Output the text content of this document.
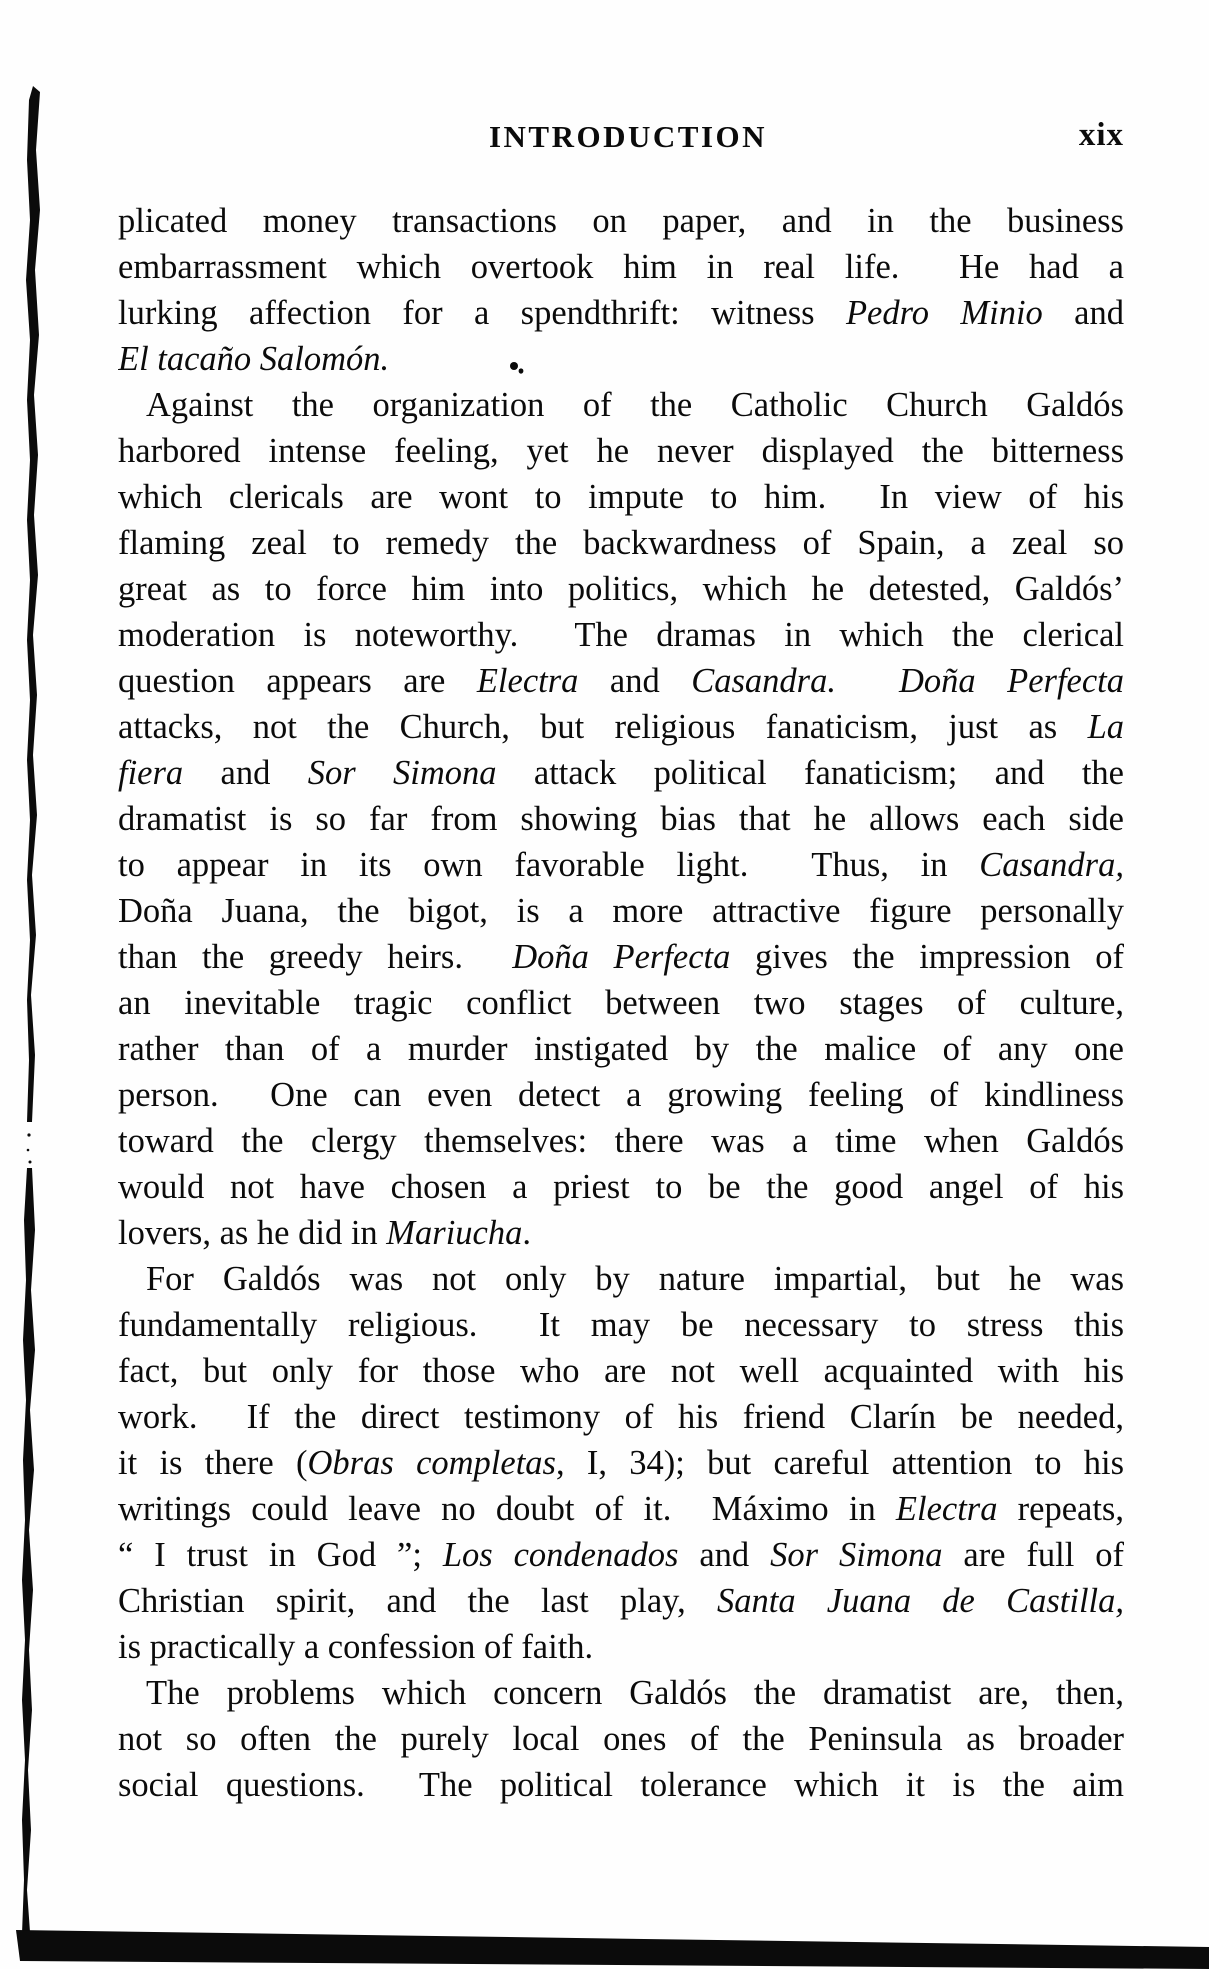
INTRODUCTION	xix
plicated money transactions on paper, and in the business
embarrassment which overtook him in real life.  He had a
lurking affection for a spendthrift: witness Pedro Minio and
El tacaño Salomón.
Against the organization of the Catholic Church Galdós
harbored intense feeling, yet he never displayed the bitterness
which clericals are wont to impute to him.  In view of his
flaming zeal to remedy the backwardness of Spain, a zeal so
great as to force him into politics, which he detested, Galdós’
moderation is noteworthy.  The dramas in which the clerical
question appears are Electra and Casandra. Doña Perfecta
attacks, not the Church, but religious fanaticism, just as La
fiera and Sor Simona attack political fanaticism; and the
dramatist is so far from showing bias that he allows each side
to appear in its own favorable light.  Thus, in Casandra,
Doña Juana, the bigot, is a more attractive figure personally
than the greedy heirs.  Doña Perfecta gives the impression of
an inevitable tragic conflict between two stages of culture,
rather than of a murder instigated by the malice of any one
person.  One can even detect a growing feeling of kindliness
toward the clergy themselves: there was a time when Galdós
would not have chosen a priest to be the good angel of his
lovers, as he did in Mariucha.
For Galdós was not only by nature impartial, but he was
fundamentally religious.  It may be necessary to stress this
fact, but only for those who are not well acquainted with his
work.  If the direct testimony of his friend Clarín be needed,
it is there (Obras completas, I, 34); but careful attention to his
writings could leave no doubt of it.  Máximo in Electra repeats,
“ I trust in God ”; Los condenados and Sor Simona are full of
Christian spirit, and the last play, Santa Juana de Castilla,
is practically a confession of faith.
The problems which concern Galdós the dramatist are, then,
not so often the purely local ones of the Peninsula as broader
social questions.  The political tolerance which it is the aim
